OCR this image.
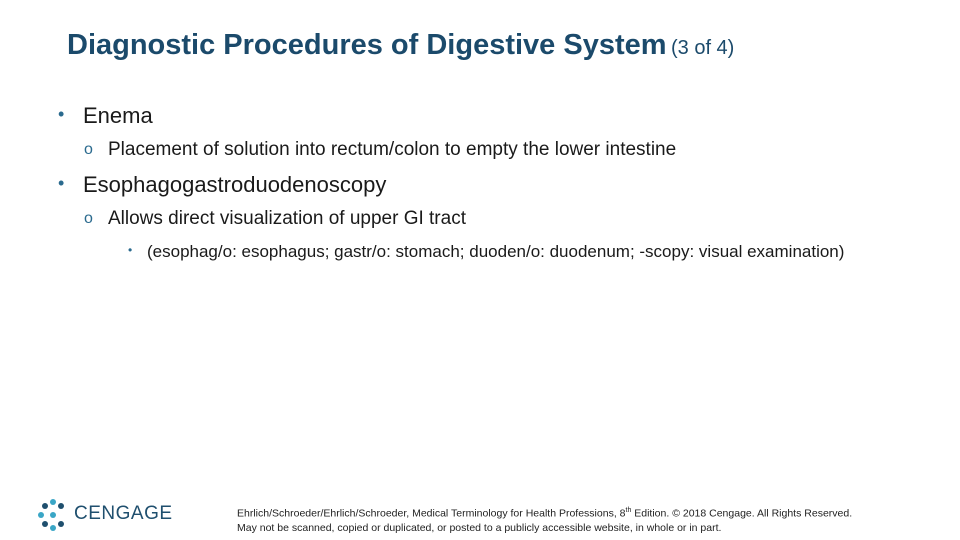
Diagnostic Procedures of Digestive System (3 of 4)
• Enema
o Placement of solution into rectum/colon to empty the lower intestine
• Esophagogastroduodenoscopy
o Allows direct visualization of upper GI tract
• (esophag/o: esophagus; gastr/o: stomach; duoden/o: duodenum; -scopy: visual examination)
CENGAGE	Ehrlich/Schroeder/Ehrlich/Schroeder, Medical Terminology for Health Professions, 8th Edition. © 2018 Cengage. All Rights Reserved.
May not be scanned, copied or duplicated, or posted to a publicly accessible website, in whole or in part.
